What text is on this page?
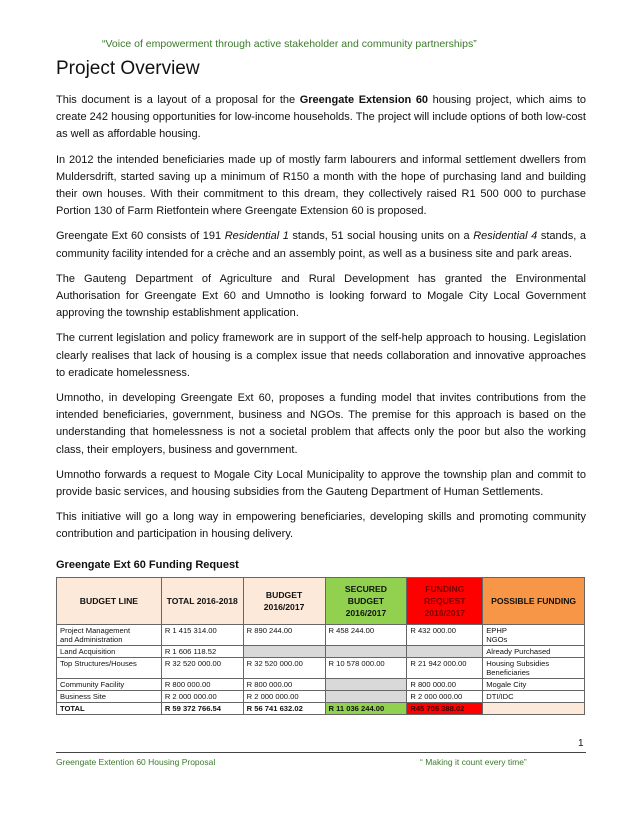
“Voice of empowerment through active stakeholder and community partnerships”
Project Overview

This document is a layout of a proposal for the Greengate Extension 60 housing project, which aims to create 242 housing opportunities for low-income households. The project will include options of both low-cost as well as affordable housing.

In 2012 the intended beneficiaries made up of mostly farm labourers and informal settlement dwellers from Muldersdrift, started saving up a minimum of R150 a month with the hope of purchasing land and building their own houses. With their commitment to this dream, they collectively raised R1 500 000 to purchase Portion 130 of Farm Rietfontein where Greengate Extension 60 is proposed.

Greengate Ext 60 consists of 191 Residential 1 stands, 51 social housing units on a Residential 4 stands, a community facility intended for a crèche and an assembly point, as well as a business site and park areas.

The Gauteng Department of Agriculture and Rural Development has granted the Environmental Authorisation for Greengate Ext 60 and Umnotho is looking forward to Mogale City Local Government approving the township establishment application.

The current legislation and policy framework are in support of the self-help approach to housing. Legislation clearly realises that lack of housing is a complex issue that needs collaboration and innovative approaches to eradicate homelessness.

Umnotho, in developing Greengate Ext 60, proposes a funding model that invites contributions from the intended beneficiaries, government, business and NGOs. The premise for this approach is based on the understanding that homelessness is not a societal problem that affects only the poor but also the working class, their employers, business and government.

Umnotho forwards a request to Mogale City Local Municipality to approve the township plan and commit to provide basic services, and housing subsidies from the Gauteng Department of Human Settlements.

This initiative will go a long way in empowering beneficiaries, developing skills and promoting community contribution and participation in housing delivery.

Greengate Ext 60 Funding Request
BUDGET LINE	TOTAL 2016-2018	BUDGET 2016/2017	SECURED BUDGET 2016/2017	FUNDING REQUEST 2016/2017	POSSIBLE FUNDING
Project Management
and Administration	R 1 415 314.00	R 890 244.00	R 458 244.00	R 432 000.00	EPHP
NGOs
Land Acquisition	R 1 606 118.52				Already Purchased
Top Structures/Houses	R 32 520 000.00	R 32 520 000.00	R 10 578 000.00	R 21 942 000.00	Housing Subsidies
Beneficiaries
Community Facility	R 800 000.00	R 800 000.00		R 800 000.00	Mogale City
Business Site	R 2 000 000.00	R 2 000 000.00		R 2 000 000.00	DTI/IDC
TOTAL	R 59 372 766.54	R 56 741 632.02	R 11 036 244.00	R45 705 388.02	
1
Greengate Extention 60 Housing Proposal	“ Making it count every time”
